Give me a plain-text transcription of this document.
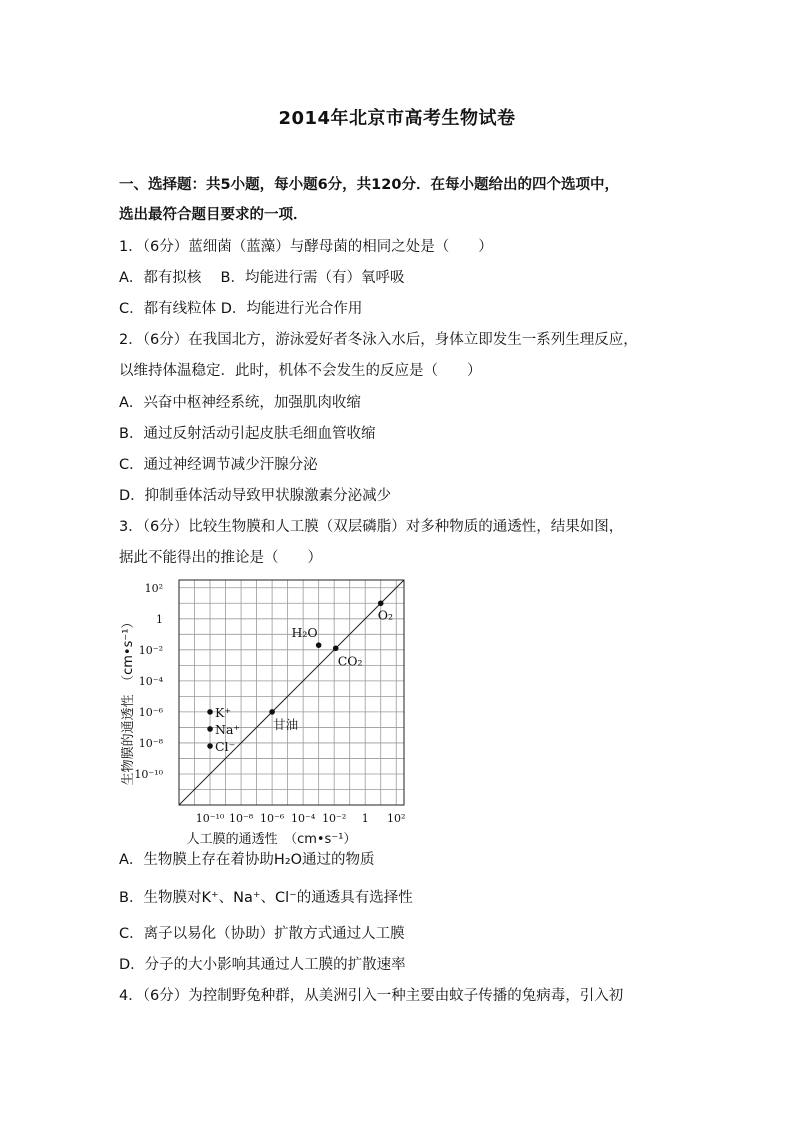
2014年北京市高考生物试卷
一、选择题：共5小题，每小题6分，共120分．在每小题给出的四个选项中，
选出最符合题目要求的一项．
1．（6分）蓝细菌（蓝藻）与酵母菌的相同之处是（　　）
A．都有拟核　 B．均能进行需（有）氧呼吸
C．都有线粒体 D．均能进行光合作用
2．（6分）在我国北方，游泳爱好者冬泳入水后，身体立即发生一系列生理反应，
以维持体温稳定．此时，机体不会发生的反应是（　　）
A．兴奋中枢神经系统，加强肌肉收缩
B．通过反射活动引起皮肤毛细血管收缩
C．通过神经调节减少汗腺分泌
D．抑制垂体活动导致甲状腺激素分泌减少
3．（6分）比较生物膜和人工膜（双层磷脂）对多种物质的通透性，结果如图，
据此不能得出的推论是（　　）
10⁻¹⁰
10⁻⁸
10⁻⁶
10⁻⁴
10⁻²
1
10²
10⁻¹⁰ 10⁻⁸ 10⁻⁶ 10⁻⁴ 10⁻² 1 10²
O₂
H₂O
CO₂
甘油
K⁺
Na⁺
Cl⁻
生物膜的通透性　（cm•s⁻¹）
人工膜的通透性　（cm•s⁻¹）
A．生物膜上存在着协助H₂O通过的物质
B．生物膜对K⁺、Na⁺、Cl⁻的通透具有选择性
C．离子以易化（协助）扩散方式通过人工膜
D．分子的大小影响其通过人工膜的扩散速率
4．（6分）为控制野兔种群，从美洲引入一种主要由蚊子传播的兔病毒，引入初
